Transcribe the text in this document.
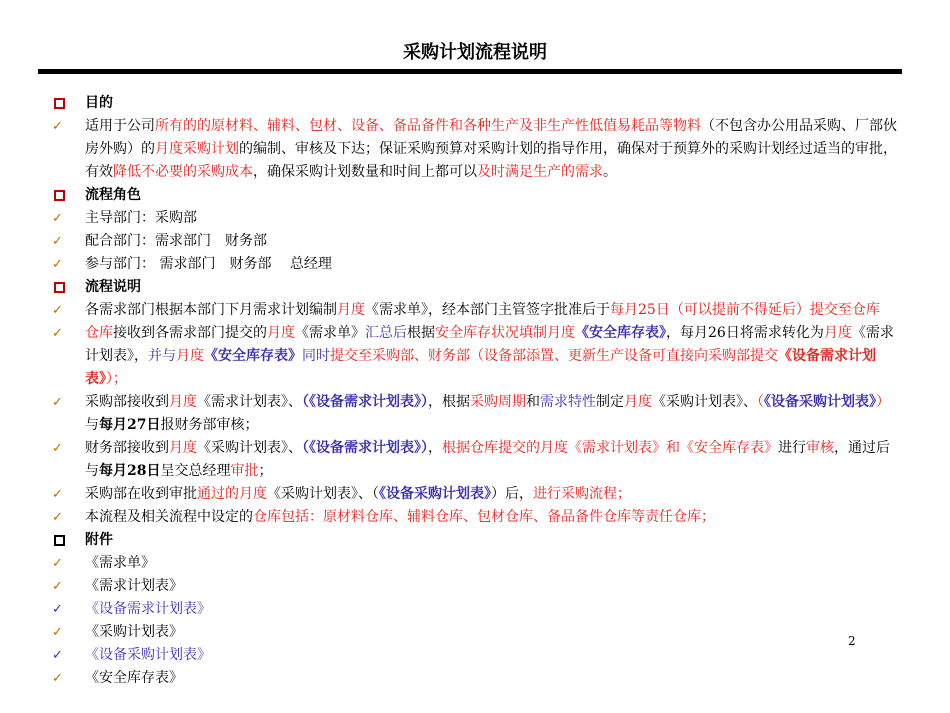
采购计划流程说明
目的
✓	适用于公司所有的的原材料、辅料、包材、设备、备品备件和各种生产及非生产性低值易耗品等物料（不包含办公用品采购、厂部伙房外购）的月度采购计划的编制、审核及下达；保证采购预算对采购计划的指导作用，确保对于预算外的采购计划经过适当的审批，有效降低不必要的采购成本，确保采购计划数量和时间上都可以及时满足生产的需求。
流程角色
✓	主导部门：采购部
✓	配合部门：需求部门　财务部
✓	参与部门： 需求部门　财务部　 总经理
流程说明
✓	各需求部门根据本部门下月需求计划编制月度《需求单》，经本部门主管签字批准后于每月25日（可以提前不得延后）提交至仓库
✓	仓库接收到各需求部门提交的月度《需求单》汇总后根据安全库存状况填制月度《安全库存表》，每月26日将需求转化为月度《需求计划表》，并与月度《安全库存表》同时提交至采购部、财务部（设备部添置、更新生产设备可直接向采购部提交《设备需求计划表》）；
✓	采购部接收到月度《需求计划表》、（《设备需求计划表》），根据采购周期和需求特性制定月度《采购计划表》、（《设备采购计划表》）与每月27日报财务部审核；
✓	财务部接收到月度《采购计划表》、（《设备需求计划表》），根据仓库提交的月度《需求计划表》和《安全库存表》进行审核，通过后与每月28日呈交总经理审批；
✓	采购部在收到审批通过的月度《采购计划表》、（《设备采购计划表》）后，进行采购流程；
✓	本流程及相关流程中设定的仓库包括：原材料仓库、辅料仓库、包材仓库、备品备件仓库等责任仓库；
附件
✓	《需求单》
✓	《需求计划表》
✓	《设备需求计划表》
✓	《采购计划表》
✓	《设备采购计划表》
✓	《安全库存表》
2
